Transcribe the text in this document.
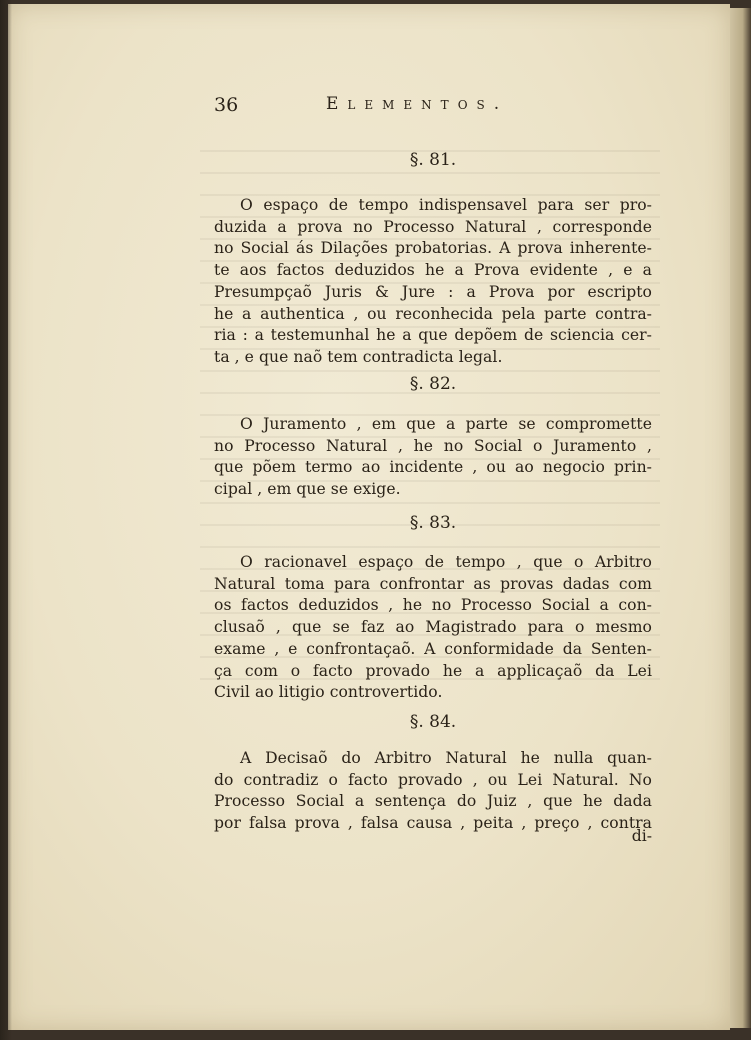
36	Elementos.
§. 81.

O espaço de tempo indispensavel para ser pro-
duzida a prova no Processo Natural , corresponde
no Social ás Dilações probatorias. A prova inherente-
te aos factos deduzidos he a Prova evidente , e a
Presumpçaõ Juris & Jure : a Prova por escripto
he a authentica , ou reconhecida pela parte contra-
ria : a testemunhal he a que depõem de sciencia cer-
ta , e que naõ tem contradicta legal.

§. 82.

O Juramento , em que a parte se compromette
no Processo Natural , he no Social o Juramento ,
que põem termo ao incidente , ou ao negocio prin-
cipal , em que se exige.

§. 83.

O racionavel espaço de tempo , que o Arbitro
Natural toma para confrontar as provas dadas com
os factos deduzidos , he no Processo Social a con-
clusaõ , que se faz ao Magistrado para o mesmo
exame , e confrontaçaõ. A conformidade da Senten-
ça com o facto provado he a applicaçaõ da Lei
Civil ao litigio controvertido.

§. 84.

A Decisaõ do Arbitro Natural he nulla quan-
do contradiz o facto provado , ou Lei Natural. No
Processo Social a sentença do Juiz , que he dada
por falsa prova , falsa causa , peita , preço , contra

di-
